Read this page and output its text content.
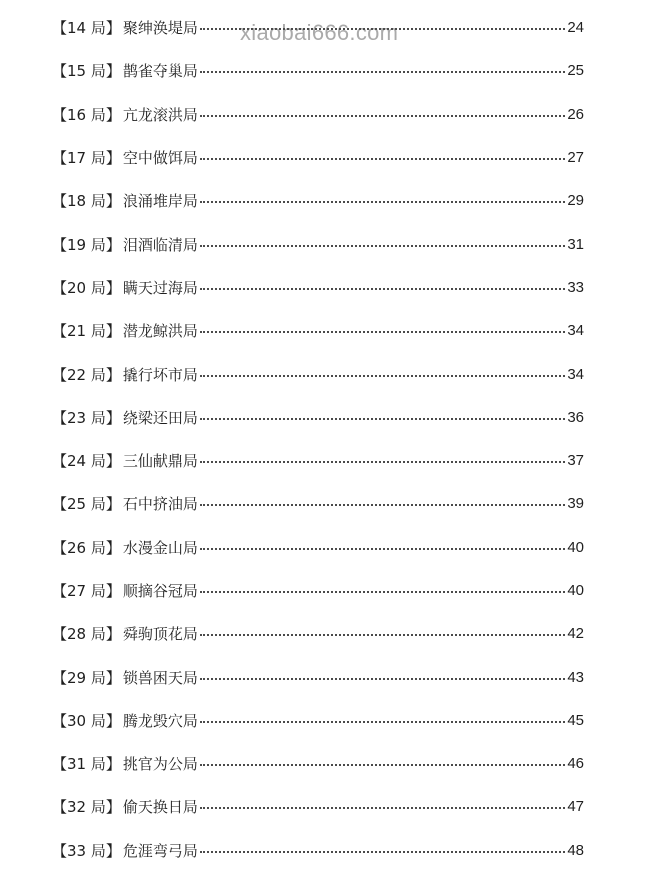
xiaobai666.com
【14 局】 聚绅涣堤局	24
【15 局】 鹊雀夺巢局	25
【16 局】 亢龙滚洪局	26
【17 局】 空中做饵局	27
【18 局】 浪涌堆岸局	29
【19 局】 泪酒临清局	31
【20 局】 瞒天过海局	33
【21 局】 潜龙鲸洪局	34
【22 局】 撬行坏市局	34
【23 局】 绕梁还田局	36
【24 局】 三仙献鼎局	37
【25 局】 石中挤油局	39
【26 局】 水漫金山局	40
【27 局】 顺摘谷冠局	40
【28 局】 舜驹顶花局	42
【29 局】 锁兽困天局	43
【30 局】 腾龙毁穴局	45
【31 局】 挑官为公局	46
【32 局】 偷天换日局	47
【33 局】 危涯弯弓局	48
